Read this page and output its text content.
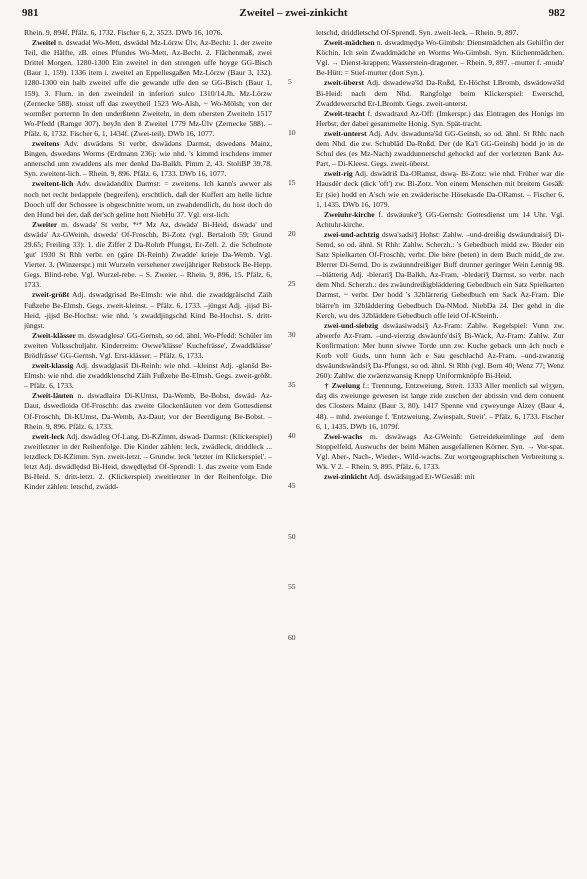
981	Zweitel – zwei-zinkicht	982

Rhein. 9, 894f. Pfälz. 6, 1732. Fischer 6, 2, 3523. DWb 16, 1076.

Zweitel n. dswadəl Wo-Mett, dswädəl Mz-Lörzw Ülv, Az-Becht: 1. der zweite Teil, die Hälfte, zB. eines Pfundes Wo-Mett, Az-Becht. 2. Flächenmaß, zwei Drittel Morgen. 1280-1300 Ein zweitel in den strengen uffe hoyge GG-Bisch (Baur 1, 159). 1336 item i. zweitel an Eppellesgaßen Mz-Lörzw (Baur 3, 132). 1280-1300 ein halb zweitel uffe die gewande uffe den se GG-Bisch (Baur 1, 159). 3. Flurn. in den zweindeil in inferiori sulco 1310/14.Jh. Mz-Lörzw (Zernecke 588). stosst uff das zweytheil 1523 Wo-Alsh, ~ Wo-Mölsh; von der wormßer porternn In den underßtenn Zweiteln, in dem obersten Zweiteln 1517 Wo-Pfedd (Ramge 307). beyJn den 8 Zweitel 1779 Mz-Ülv (Zernecke 588). – Pfälz. 6, 1732. Fischer 6, 1, 1434f. (Zwei-teil). DWb 16, 1077.

zweitens Adv. dswädəns St verbr, dswädəns Darmst, dswedəns Mainz, Bingen, dswedəns Worms (Erdmann 236): wie nhd. 's kimmd irschdens immer annerschd unn zwaddens als mer denkd Da-Balkh. Pimm 2, 43. StoliBP 39.78. Syn. zweitent-lich. – Rhein. 9, 896. Pfälz. 6, 1733. DWb 16, 1077.

zweitent-lich Adv. dswädəndlix Darmst: = zweitens. Ich kann's awwer als noch net recht bedappele (begreifen), erschtlich, daß der Kuffert am helle lichte Dooch uff der Schossee is obgeschnitte worn, un zwahdendlich, du host doch do den Hund bei der, daß der'sch gelitte hott NiebHu 37. Vgl. erst-lich.

Zweiter m. dswadə' St verbr, *ᵃ* Mz Az, dswädə' Bi-Heid, dswadə' und dswädə' Az-GWeinh, dswedə' Of-Froschh, Bi-Zotz (vgl. Bertaloth 59; Grund 29.65; Freiling 33): 1. die Ziffer 2 Da-Rohrb Pfungst, Er-Zell. 2. die Schulnote 'gut' 1930 St Rhh verbr. en (gäre Di-Reinh) Zwadde' krieje Da-Wemb. Vgl. Vierter. 3. (Winzerspr.) mit Wurzeln versehener zweijähriger Rebstock Be-Hepp. Gegs. Blind-rebe. Vgl. Wurzel-rebe. – S. Zweier. – Rhein. 9, 896, 15. Pfälz. 6, 1733.

zweit-größt Adj. dswadgrisəd Be-Elmsh: wie nhd. die zwaddgräischd Zäih Fußzehe Be-Elmsh. Gegs. zweit-kleinst. – Pfälz. 6, 1733. –jüngst Adj. -jijsd Bi-Heid, -jijsd Be-Hochst: wie nhd. 's zwaddjingschd Kind Be-Hochst. S. dritt-jüngst.

Zweit-klässer m. dswadglesə' GG-Gernsh, so od. ähnl. Wo-Pfedd: Schüler im zweiten Volksschuljahr. Kinderreim: Owwe'klässe' Kuchefrässe', Zwaddklässe' Brödfrässe' GG-Gernsh. Vgl. Erst-klässer. – Pfälz. 6, 1733.

zweit-klassig Adj. dswadglasiš Di-Reinh: wie nhd. –kleinst Adj. -glənšd Be-Elmsh: wie nhd. die zwaddklenschd Zäih Fußzehe Be-Elmsh. Gegs. zweit-größt. – Pfälz. 6, 1733.

Zweit-läuten n. dswadlairə Di-KUmst, Da-Wemb, Be-Bobst, dswäd- Az-Daut, dswedloidə Of-Froschh: das zweite Glockenläuten vor dem Gottesdienst Of-Froschh, Di-KUmst, Da-Wemb, Az-Daut; vor der Beerdigung Be-Bobst. – Rhein. 9, 896. Pfälz. 6, 1733.

zweit-leck Adj. dswädleg Of-Lang, Di-KZimm, dswad- Darmst: (Klickerspiel) zweitletzter in der Reihenfolge. Die Kinder zählen: leck, zwädleck, driddleck ... letzdleck Di-KZimm. Syn. zweit-letzt. – Grundw. leck 'letzter im Klickerspiel'. –letzt Adj. dswädlędsd Bi-Heid, dswędlędsd Of-Sprendl: 1. das zweite vom Ende Bi-Heid. S. dritt-letzt. 2. (Klickerspiel) zweitletzter in der Reihenfolge. Die Kinder zählen: letschd, zwädd-

5
10
15
20
25
30
35
40
45
50
55
60

letschd, driddletschd Of-Sprendl. Syn. zweit-leck. – Rhein. 9, 897.

Zweit-mädchen n. dswadmędʒə Wo-Gimbsh: Dienstmädchen als Gehilfin der Köchin. Ich sein Zwaddmädche en Worms Wo-Gimbsh. Syn. Küchenmädchen. Vgl. → Dienst-krappen; Wasserstein-dragoner. – Rhein. 9, 897. –mutter f. -mudə' Be-Hütt: = Stief-mutter (dort Syn.).

zweit-überst Adj. dswadewə'šd Da-Roßd, Er-Höchst LBromb, dswädowə'šd Bi-Heid: nach dem Nhd. Rangfolge beim Klickerspiel: Ewerschd, Zwaddewerschd Er-LBromb. Gegs. zweit-unterst.

Zweit-tracht f. dswadraxd Az-Off: (Imkerspr.) das Eintragen des Honigs im Herbst; der dabei gesammelte Honig. Syn. Spät-tracht.

zweit-unterst Adj. Adv. dswaduntə'šd GG-Geinsh, so od. ähnl. St Rhh: nach dem Nhd. die zw. Schublād Da-Roßd. Der (de Ka'l GG-Geinsh) hodd jo in de Schul des (es Mz-Nach) zwaddunnerschd gehockd auf der vorletzten Bank Az-Part, – Di-Kleest. Gegs. zweit-überst.

zweit-rig Adj. dswädriš Da-ORamst, dswą- Bi-Zotz: wie nhd. Früher war die Hausdër deck (dick 'oft') zw. Bi-Zotz. Von einem Menschen mit breitem Gesäß: Er (sie) hodd en A'sch wie en zwäderische Hösekasde Da-ORamst. – Fischer 6, 1, 1435. DWb 16, 1079.

Zweiuhr-kirche f. dswäuuke'ǯ GG-Gernsh: Gottesdienst um 14 Uhr. Vgl. Achtuhr-kirche.

zwei-und-achtzig dswə'sadsiǯ Hohst: Zahlw. –und-dreißig dswäundraisiǯ Di-Semd, so od. ähnl. St Rhh: Zahlw. Scherzh.: 's Gebedbuch midd zw. Bleder ein Satz Spielkarten Of-Froschh, verbr. Die bëre (beten) in dem Buch midd_de zw. Blerrer Di-Semd. Do is zwäunndreißiger Buff drunner geringer Wein Lennig 98. –-blätterig Adj. -blerariǯ Da-Balkh, Az-Fram, -bledəriǯ Darmst, so verbr. nach dem Nhd. Scherzh.: des zwäundreißigbläddering Gebedbuch ein Satz Spielkarten Darmst, ~ verbr. Der hodd 's 32blärrerig Gebedbuch em Sack Az-Fram. Die blärre'n im 32bläddering Gebedbuch Da-NMod. NiebDa 24. Der gehd in die Kerch, wu des 32bläddere Gebedbuch offe leid Of-KSteinh.

zwei-und-siebzig dswäasiwədsiǯ Az-Fram: Zahlw. Kegelspiel: Vunn zw. abwerfe Az-Fram. –und-vierzig dswäunfe'dsiǯ Bi-Wack, Az-Fram: Zahlw. Zur Konfirmation: Mer hunn siwwe Torde unn zw. Kuche geback unn äch noch e Korb voll Guds, unn hunn äch e Sau geschlachd Az-Fram. –und-zwanzig dswäundswändsiǯ Da-Pfungst, so od. ähnl. St Rhh (vgl. Born 40; Wenz 77; Wenz 260): Zahlw. die zwäenzwansig Knepp Uniformknöpfe Bi-Heid.

† Zweiung f.: Trennung, Entzweiung, Streit. 1333 Aller menlich sal wiʒʒen, daʒ dis zweiunge gewesen ist lange zide zuschen der abtissin vnd dem conuent des Closters Mainz (Baur 3, 80). 1417 Spenne vnd cʒweyunge Alzey (Baur 4, 48). – mhd. zweiunge f. 'Entzweiung, Zwiespalt, Streit'. – Pfälz. 6, 1733. Fischer 6, 1, 1435. DWb 16, 1079f.

Zwei-wachs m. dswäwags Az-GWeinh: Getreidekeimlinge auf dem Stoppelfeld, Auswuchs der beim Mähen ausgefallenen Körner. Syn. → Vor-spat. Vgl. Aber-, Nach-, Wieder-, Wild-wachs. Zur wortgeographischen Verbreitung s. Wk. V 2. – Rhein. 9, 895. Pfälz. 6, 1733.

zwei-zinkicht Adj. dswädsiŋgəd Er-WGesäß: mit
